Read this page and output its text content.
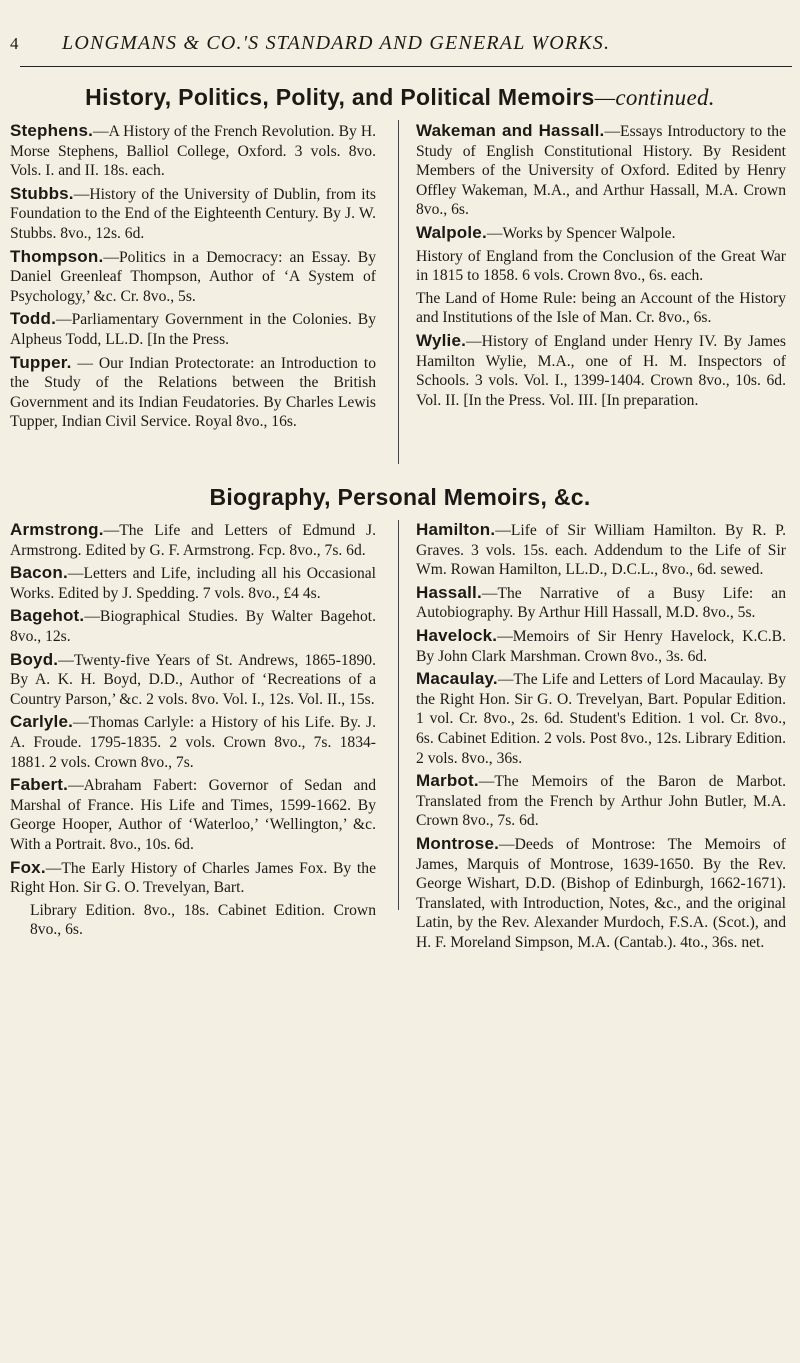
4	LONGMANS & CO.'S STANDARD AND GENERAL WORKS.
History, Politics, Polity, and Political Memoirs—continued.

Stephens.—A History of the French Revolution. By H. Morse Stephens, Balliol College, Oxford. 3 vols. 8vo. Vols. I. and II. 18s. each.

Stubbs.—History of the University of Dublin, from its Foundation to the End of the Eighteenth Century. By J. W. Stubbs. 8vo., 12s. 6d.

Thompson.—Politics in a Democracy: an Essay. By Daniel Greenleaf Thompson, Author of ‘A System of Psychology,’ &c. Cr. 8vo., 5s.

Todd.—Parliamentary Government in the Colonies. By Alpheus Todd, LL.D. [In the Press.

Tupper. — Our Indian Protectorate: an Introduction to the Study of the Relations between the British Government and its Indian Feudatories. By Charles Lewis Tupper, Indian Civil Service. Royal 8vo., 16s.

Wakeman and Hassall.—Essays Introductory to the Study of English Constitutional History. By Resident Members of the University of Oxford. Edited by Henry Offley Wakeman, M.A., and Arthur Hassall, M.A. Crown 8vo., 6s.

Walpole.—Works by Spencer Walpole.

History of England from the Conclusion of the Great War in 1815 to 1858. 6 vols. Crown 8vo., 6s. each.

The Land of Home Rule: being an Account of the History and Institutions of the Isle of Man. Cr. 8vo., 6s.

Wylie.—History of England under Henry IV. By James Hamilton Wylie, M.A., one of H. M. Inspectors of Schools. 3 vols. Vol. I., 1399-1404. Crown 8vo., 10s. 6d. Vol. II. [In the Press. Vol. III. [In preparation.

Biography, Personal Memoirs, &c.

Armstrong.—The Life and Letters of Edmund J. Armstrong. Edited by G. F. Armstrong. Fcp. 8vo., 7s. 6d.

Bacon.—Letters and Life, including all his Occasional Works. Edited by J. Spedding. 7 vols. 8vo., £4 4s.

Bagehot.—Biographical Studies. By Walter Bagehot. 8vo., 12s.

Boyd.—Twenty-five Years of St. Andrews, 1865-1890. By A. K. H. Boyd, D.D., Author of ‘Recreations of a Country Parson,’ &c. 2 vols. 8vo. Vol. I., 12s. Vol. II., 15s.

Carlyle.—Thomas Carlyle: a History of his Life. By. J. A. Froude. 1795-1835. 2 vols. Crown 8vo., 7s. 1834-1881. 2 vols. Crown 8vo., 7s.

Fabert.—Abraham Fabert: Governor of Sedan and Marshal of France. His Life and Times, 1599-1662. By George Hooper, Author of ‘Waterloo,’ ‘Wellington,’ &c. With a Portrait. 8vo., 10s. 6d.

Fox.—The Early History of Charles James Fox. By the Right Hon. Sir G. O. Trevelyan, Bart.

Library Edition. 8vo., 18s. Cabinet Edition. Crown 8vo., 6s.

Hamilton.—Life of Sir William Hamilton. By R. P. Graves. 3 vols. 15s. each. Addendum to the Life of Sir Wm. Rowan Hamilton, LL.D., D.C.L., 8vo., 6d. sewed.

Hassall.—The Narrative of a Busy Life: an Autobiography. By Arthur Hill Hassall, M.D. 8vo., 5s.

Havelock.—Memoirs of Sir Henry Havelock, K.C.B. By John Clark Marshman. Crown 8vo., 3s. 6d.

Macaulay.—The Life and Letters of Lord Macaulay. By the Right Hon. Sir G. O. Trevelyan, Bart. Popular Edition. 1 vol. Cr. 8vo., 2s. 6d. Student's Edition. 1 vol. Cr. 8vo., 6s. Cabinet Edition. 2 vols. Post 8vo., 12s. Library Edition. 2 vols. 8vo., 36s.

Marbot.—The Memoirs of the Baron de Marbot. Translated from the French by Arthur John Butler, M.A. Crown 8vo., 7s. 6d.

Montrose.—Deeds of Montrose: The Memoirs of James, Marquis of Montrose, 1639-1650. By the Rev. George Wishart, D.D. (Bishop of Edinburgh, 1662-1671). Translated, with Introduction, Notes, &c., and the original Latin, by the Rev. Alexander Murdoch, F.S.A. (Scot.), and H. F. Moreland Simpson, M.A. (Cantab.). 4to., 36s. net.
